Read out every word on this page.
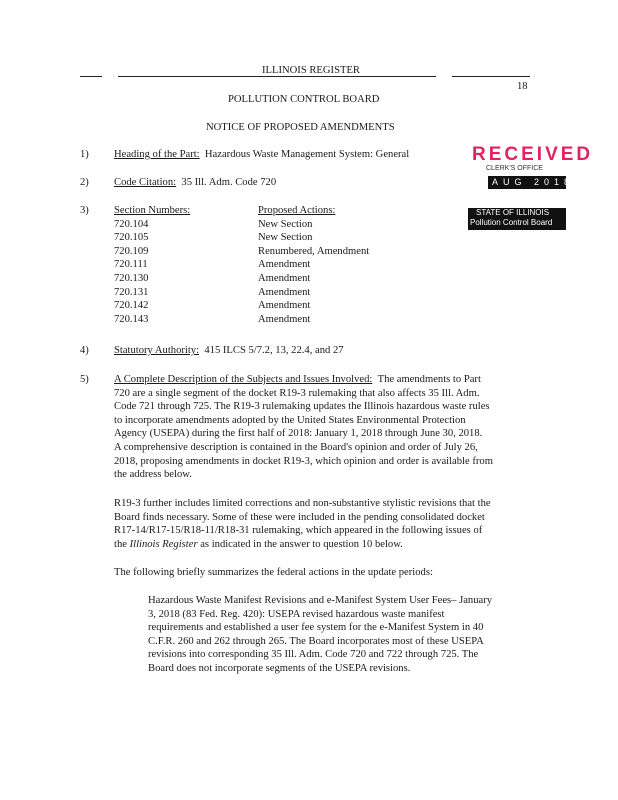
ILLINOIS REGISTER
18
POLLUTION CONTROL BOARD
NOTICE OF PROPOSED AMENDMENTS
RECEIVED
CLERK'S OFFICE
AUG 2018
STATE OF ILLINOIS
Pollution Control Board
1) Heading of the Part: Hazardous Waste Management System: General
2) Code Citation: 35 Ill. Adm. Code 720
3) Section Numbers:
720.104
720.105
720.109
720.111
720.130
720.131
720.142
720.143
Proposed Actions:
New Section
New Section
Renumbered, Amendment
Amendment
Amendment
Amendment
Amendment
Amendment
4) Statutory Authority: 415 ILCS 5/7.2, 13, 22.4, and 27
5) A Complete Description of the Subjects and Issues Involved: The amendments to Part
720 are a single segment of the docket R19-3 rulemaking that also affects 35 Ill. Adm.
Code 721 through 725. The R19-3 rulemaking updates the Illinois hazardous waste rules
to incorporate amendments adopted by the United States Environmental Protection
Agency (USEPA) during the first half of 2018: January 1, 2018 through June 30, 2018.
A comprehensive description is contained in the Board's opinion and order of July 26,
2018, proposing amendments in docket R19-3, which opinion and order is available from
the address below.
R19-3 further includes limited corrections and non-substantive stylistic revisions that the
Board finds necessary. Some of these were included in the pending consolidated docket
R17-14/R17-15/R18-11/R18-31 rulemaking, which appeared in the following issues of
the Illinois Register as indicated in the answer to question 10 below.
The following briefly summarizes the federal actions in the update periods:
Hazardous Waste Manifest Revisions and e-Manifest System User Fees– January
3, 2018 (83 Fed. Reg. 420): USEPA revised hazardous waste manifest
requirements and established a user fee system for the e-Manifest System in 40
C.F.R. 260 and 262 through 265. The Board incorporates most of these USEPA
revisions into corresponding 35 Ill. Adm. Code 720 and 722 through 725. The
Board does not incorporate segments of the USEPA revisions.
